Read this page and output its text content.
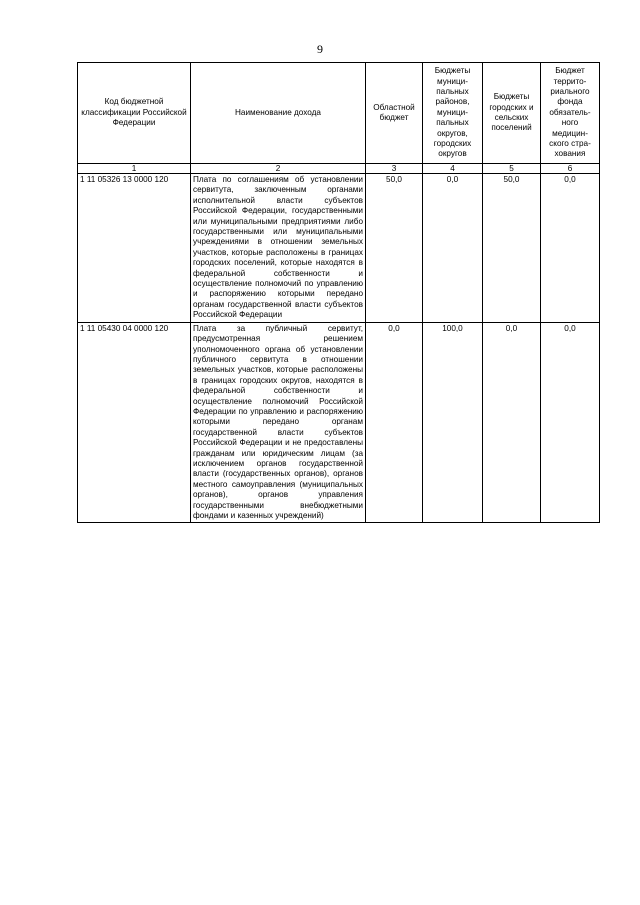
9
Код бюджетной классификации Российской Федерации	Наименование дохода	Областной бюджет	Бюджеты муници-пальных районов, муници-пальных округов, городских округов	Бюджеты городских и сельских поселений	Бюджет террито-риального фонда обязатель-ного медицин-ского стра-хования
1	2	3	4	5	6
1 11 05326 13 0000 120	Плата по соглашениям об установлении сервитута, заключенным органами исполнительной власти субъектов Российской Федерации, государственными или муниципальными предприятиями либо государственными или муниципальными учреждениями в отношении земельных участков, которые расположены в границах городских поселений, которые находятся в федеральной собственности и осуществление полномочий по управлению и распоряжению которыми передано органам государственной власти субъектов Российской Федерации	50,0	0,0	50,0	0,0
1 11 05430 04 0000 120	Плата за публичный сервитут, предусмотренная решением уполномоченного органа об установлении публичного сервитута в отношении земельных участков, которые расположены в границах городских округов, находятся в федеральной собственности и осуществление полномочий Российской Федерации по управлению и распоряжению которыми передано органам государственной власти субъектов Российской Федерации и не предоставлены гражданам или юридическим лицам (за исключением органов государственной власти (государственных органов), органов местного самоуправления (муниципальных органов), органов управления государственными внебюджетными фондами и казенных учреждений)	0,0	100,0	0,0	0,0
